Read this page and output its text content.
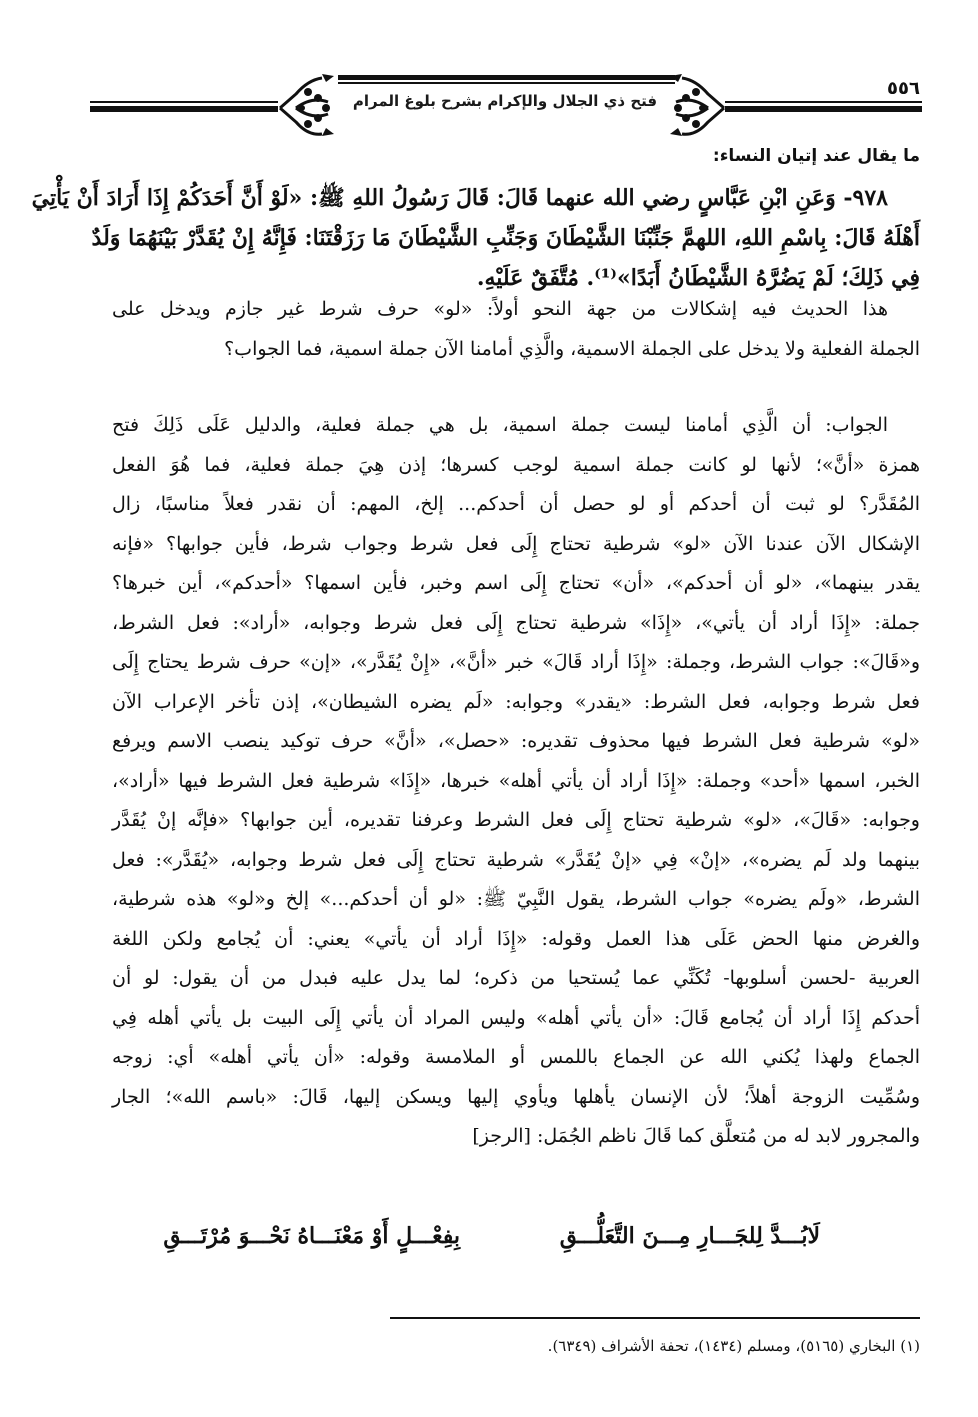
فتح ذي الجلال والإكرام بشرح بلوغ المرام
٥٥٦
ما يقال عند إتيان النساء:
٩٧٨- وَعَنِ ابْنِ عَبَّاسٍ رضي الله عنهما قَالَ: قَالَ رَسُولُ اللهِ ﷺ: «لَوْ أَنَّ أَحَدَكُمْ إِذَا أَرَادَ أَنْ يَأْتِيَ
أَهْلَهُ قَالَ: بِاسْمِ اللهِ، اللهمَّ جَنِّبْنَا الشَّيْطَانَ وَجَنِّبِ الشَّيْطَانَ مَا رَزَقْتَنَا: فَإِنَّهُ إِنْ يُقَدَّرْ بَيْنَهُمَا وَلَدٌ
فِي ذَلِكَ؛ لَمْ يَضُرَّهُ الشَّيْطَانُ أَبَدًا»⁽¹⁾. مُتَّفَقٌ عَلَيْهِ.
هذا الحديث فيه إشكالات من جهة النحو أولاً: «لو» حرف شرط غير جازم ويدخل على
الجملة الفعلية ولا يدخل على الجملة الاسمية، والَّذِي أمامنا الآن جملة اسمية، فما الجواب؟
الجواب: أن الَّذِي أمامنا ليست جملة اسمية، بل هي جملة فعلية، والدليل عَلَى ذَلِكَ فتح
همزة «أنَّ»؛ لأنها لو كانت جملة اسمية لوجب كسرها؛ إذن هِيَ جملة فعلية، فما هُوَ الفعل
المُقَدَّر؟ لو ثبت أن أحدكم أو لو حصل أن أحدكم... إلخ، المهم: أن نقدر فعلاً مناسبًا، زال
الإشكال الآن عندنا الآن «لو» شرطية تحتاج إِلَى فعل شرط وجواب شرط، فأين جوابها؟ «فإنه
يقدر بينهما»، «لو أن أحدكم»، «أن» تحتاج إِلَى اسم وخبر، فأين اسمها؟ «أحدكم»، أين خبرها؟
جملة: «إِذَا أراد أن يأتي»، «إِذَا» شرطية تحتاج إِلَى فعل شرط وجوابه، «أراد»: فعل الشرط،
و«قَالَ»: جواب الشرط، وجملة: «إِذَا أراد قَالَ» خبر «أنَّ»، «إِنْ يُقَدَّر»، «إن» حرف شرط يحتاج إِلَى
فعل شرط وجوابه، فعل الشرط: «يقدر» وجوابه: «لَم يضره الشيطان»، إذن تأخر الإعراب الآن
«لو» شرطية فعل الشرط فيها محذوف تقديره: «حصل»، «أنَّ» حرف توكيد ينصب الاسم ويرفع
الخبر، اسمها «أحد» وجملة: «إِذَا أراد أن يأتي أهله» خبرها، «إِذَا» شرطية فعل الشرط فيها «أراد»،
وجوابه: «قَالَ»، «لو» شرطية تحتاج إِلَى فعل الشرط وعرفنا تقديره، أين جوابها؟ «فإنَّه إنْ يُقَدَّر
بينهما ولد لَم يضره»، «إنْ» فِي «إنْ يُقَدَّر» شرطية تحتاج إِلَى فعل شرط وجوابه، «يُقَدَّر»: فعل
الشرط، «ولَم يضره» جواب الشرط، يقول النَّبِيّ ﷺ: «لو أن أحدكم...» إلخ و«لو» هذه شرطية،
والغرض منها الحض عَلَى هذا العمل وقوله: «إِذَا أراد أن يأتي» يعني: أن يُجامع ولكن اللغة
العربية -لحسن أسلوبها- تُكَنِّي عما يُستحيا من ذكره؛ لما يدل عليه فبدل من أن يقول: لو أن
أحدكم إِذَا أراد أن يُجامع قَالَ: «أن يأتي أهله» وليس المراد أن يأتي إِلَى البيت بل يأتي أهله فِي
الجماع ولهذا يُكني الله عن الجماع باللمس أو الملامسة وقوله: «أن يأتي أهله» أي: زوجه
وسُمِّيت الزوجة أهلاً؛ لأن الإنسان يأهلها ويأوي إليها ويسكن إليها، قَالَ: «باسم الله»؛ الجار
والمجرور لابد له من مُتعلَّق كما قَالَ ناظم الجُمَل: [الرجز]
لَابُـــدَّ لِلجَـــارِ مِـــنَ التَّعَلُّـــقِ
بِفِعْـــلٍ أَوْ مَعْنَـــاهُ نَحْـــوَ مُرْتَـــقِ
(١) البخاري (٥١٦٥)، ومسلم (١٤٣٤)، تحفة الأشراف (٦٣٤٩).
